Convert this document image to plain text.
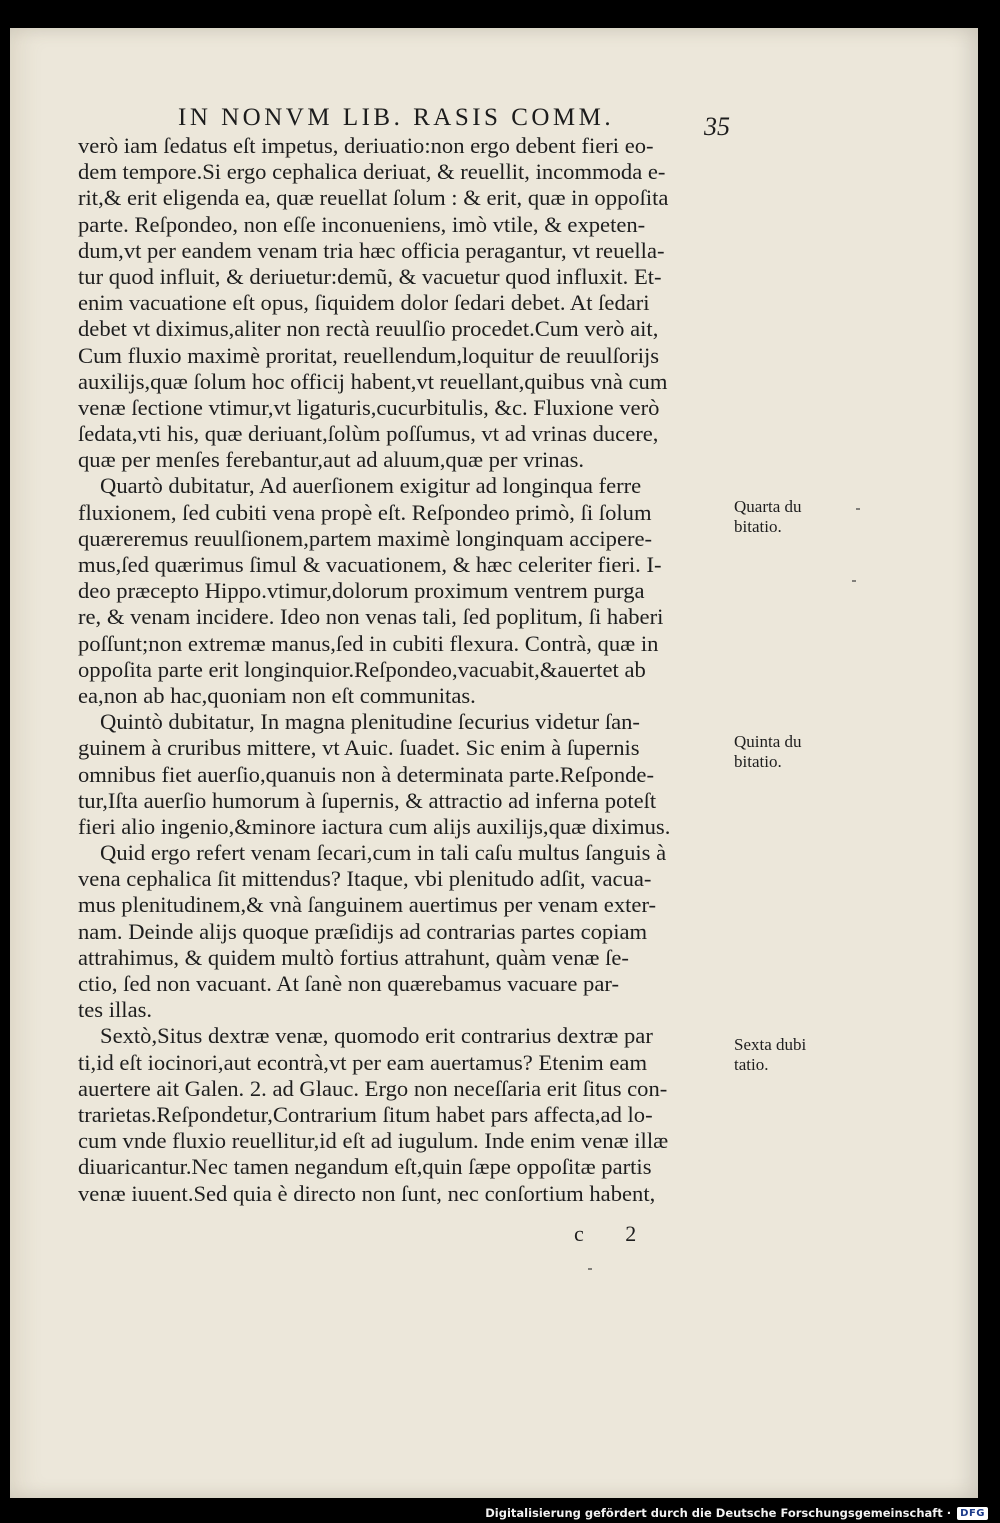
IN NONVM LIB. RASIS COMM.	35
verò iam ſedatus eſt impetus, deriuatio:non ergo debent fieri eo-
dem tempore.Si ergo cephalica deriuat, & reuellit, incommoda e-
rit,& erit eligenda ea, quæ reuellat ſolum : & erit, quæ in oppoſita
parte. Reſpondeo, non eſſe inconueniens, imò vtile, & expeten-
dum,vt per eandem venam tria hæc officia peragantur, vt reuella-
tur quod influit, & deriuetur:demũ, & vacuetur quod influxit. Et-
enim vacuatione eſt opus, ſiquidem dolor ſedari debet. At ſedari
debet vt diximus,aliter non rectà reuulſio procedet.Cum verò ait,
Cum fluxio maximè proritat, reuellendum,loquitur de reuulſorijs
auxilijs,quæ ſolum hoc officij habent,vt reuellant,quibus vnà cum
venæ ſectione vtimur,vt ligaturis,cucurbitulis, &c. Fluxione verò
ſedata,vti his, quæ deriuant,ſolùm poſſumus, vt ad vrinas ducere,
quæ per menſes ferebantur,aut ad aluum,quæ per vrinas.
Quartò dubitatur, Ad auerſionem exigitur ad longinqua ferre
fluxionem, ſed cubiti vena propè eſt. Reſpondeo primò, ſi ſolum
quæreremus reuulſionem,partem maximè longinquam acciperе-
mus,ſed quærimus ſimul & vacuationem, & hæc celeriter fieri. I-
deo præcepto Hippo.vtimur,dolorum proximum ventrem purga
re, & venam incidere. Ideo non venas tali, ſed poplitum, ſi haberi
poſſunt;non extremæ manus,ſed in cubiti flexura. Contrà, quæ in
oppoſita parte erit longinquior.Reſpondeo,vacuabit,&auertet ab
ea,non ab hac,quoniam non eſt communitas.
Quintò dubitatur, In magna plenitudine ſecurius videtur ſan-
guinem à cruribus mittere, vt Auic. ſuadet. Sic enim à ſupernis
omnibus fiet auerſio,quanuis non à determinata parte.Reſponde-
tur,Iſta auerſio humorum à ſupernis, & attractio ad inferna poteſt
fieri alio ingenio,&minore iactura cum alijs auxilijs,quæ diximus.
Quid ergo refert venam ſecari,cum in tali caſu multus ſanguis à
vena cephalica ſit mittendus? Itaque, vbi plenitudo adſit, vacua-
mus plenitudinem,& vnà ſanguinem auertimus per venam exter-
nam. Deinde alijs quoque præſidijs ad contrarias partes copiam
attrahimus, & quidem multò fortius attrahunt, quàm venæ ſe-
ctio, ſed non vacuant. At ſanè non quærebamus vacuare par-
tes illas.
Sextò,Situs dextræ venæ, quomodo erit contrarius dextræ par
ti,id eſt iocinori,aut econtrà,vt per eam auertamus? Etenim eam
auertere ait Galen. 2. ad Glauc. Ergo non neceſſaria erit ſitus con-
trarietas.Reſpondetur,Contrarium ſitum habet pars affecta,ad lo-
cum vnde fluxio reuellitur,id eſt ad iugulum. Inde enim venæ illæ
diuaricantur.Nec tamen negandum eſt,quin ſæpe oppoſitæ partis
venæ iuuent.Sed quia è directo non ſunt, nec conſortium habent,
Quarta du
bitatio.
Quinta du
bitatio.
Sexta dubi
tatio.
c 2
Digitalisierung gefördert durch die Deutsche Forschungsgemeinschaft · DFG
